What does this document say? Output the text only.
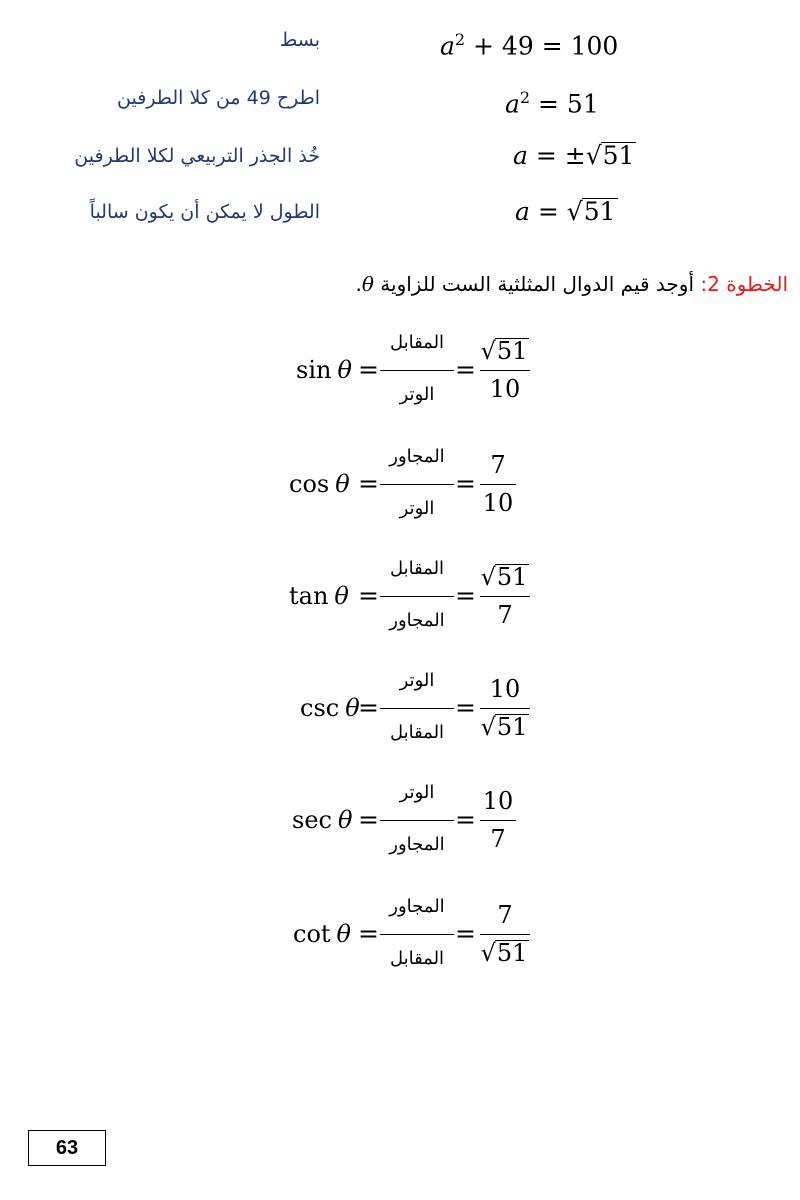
بسط	$a^2 + 49 = 100$
اطرح 49 من كلا الطرفين	$a^2 = 51$
خُذ الجذر التربيعي لكلا الطرفين	a = ±√51
الطول لا يمكن أن يكون سالباً	a = √51
الخطوة 2: أوجد قيم الدوال المثلثية الست للزاوية θ.
sin θ =
المقابل
الوتر
=
√51
10
cos θ =
المجاور
الوتر
=
7
10
tan θ =
المقابل
المجاور
=
√51
7
csc θ
=
الوتر
المقابل
=
10
√51
sec θ =
الوتر
المجاور
=
10
7
cot θ =
المجاور
المقابل
=
7
√51
63
